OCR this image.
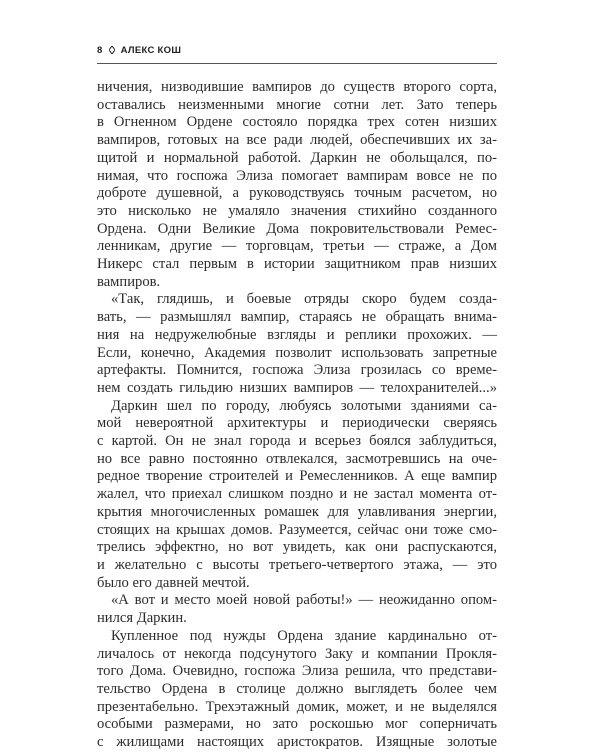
8 АЛЕКС КОШ
ничения, низводившие вампиров до существ второго сорта,
оставались неизменными многие сотни лет. Зато теперь
в Огненном Ордене состояло порядка трех сотен низших
вампиров, готовых на все ради людей, обеспечивших их за-
щитой и нормальной работой. Даркин не обольщался, по-
нимая, что госпожа Элиза помогает вампирам вовсе не по
доброте душевной, а руководствуясь точным расчетом, но
это нисколько не умаляло значения стихийно созданного
Ордена. Одни Великие Дома покровительствовали Ремес-
ленникам, другие — торговцам, третьи — страже, а Дом
Никерс стал первым в истории защитником прав низших
вампиров.
«Так, глядишь, и боевые отряды скоро будем созда-
вать, — размышлял вампир, стараясь не обращать внима-
ния на недружелюбные взгляды и реплики прохожих. —
Если, конечно, Академия позволит использовать запретные
артефакты. Помнится, госпожа Элиза грозилась со време-
нем создать гильдию низших вампиров — телохранителей...»
Даркин шел по городу, любуясь золотыми зданиями са-
мой невероятной архитектуры и периодически сверяясь
с картой. Он не знал города и всерьез боялся заблудиться,
но все равно постоянно отвлекался, засмотревшись на оче-
редное творение строителей и Ремесленников. А еще вампир
жалел, что приехал слишком поздно и не застал момента от-
крытия многочисленных ромашек для улавливания энергии,
стоящих на крышах домов. Разумеется, сейчас они тоже смо-
трелись эффектно, но вот увидеть, как они распускаются,
и желательно с высоты третьего-четвертого этажа, — это
было его давней мечтой.
«А вот и место моей новой работы!» — неожиданно опом-
нился Даркин.
Купленное под нужды Ордена здание кардинально от-
личалось от некогда подсунутого Заку и компании Прокля-
того Дома. Очевидно, госпожа Элиза решила, что представи-
тельство Ордена в столице должно выглядеть более чем
презентабельно. Трехэтажный домик, может, и не выделялся
особыми размерами, но зато роскошью мог соперничать
с жилищами настоящих аристократов. Изящные золотые
